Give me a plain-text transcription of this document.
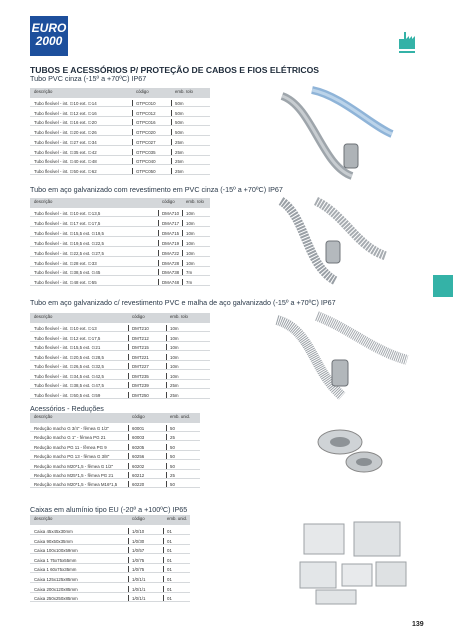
EURO
2000
TUBOS E ACESSÓRIOS P/ PROTEÇÃO DE CABOS E FIOS ELÉTRICOS
Tubo PVC cinza (-15º a +70ºC) IP67
descrição	código	emb. rolo
Tubo flexível - int. ∅10 ext. ∅14	GTPC010	50m
Tubo flexível - int. ∅12 ext. ∅16	GTPC012	50m
Tubo flexível - int. ∅16 ext. ∅20	GTPC016	50m
Tubo flexível - int. ∅20 ext. ∅26	GTPC020	50m
Tubo flexível - int. ∅27 ext. ∅34	GTPC027	25m
Tubo flexível - int. ∅35 ext. ∅42	GTPC035	25m
Tubo flexível - int. ∅40 ext. ∅48	GTPC040	25m
Tubo flexível - int. ∅50 ext. ∅62	GTPC050	25m
Tubo em aço galvanizado com revestimento em PVC cinza (-15º a +70ºC) IP67
descrição	código	emb. rolo
Tubo flexível - int. ∅10 ext. ∅13,5	DMA710 10m
Tubo flexível - int. ∅17 ext. ∅17,5	DMA717 10m
Tubo flexível - int. ∅15,5 ext. ∅19,5	DMA715 10m
Tubo flexível - int. ∅19,5 ext. ∅22,5	DMA719 10m
Tubo flexível - int. ∅22,5 ext. ∅27,5	DMA722 10m
Tubo flexível - int. ∅28 ext. ∅33	DMA728 10m
Tubo flexível - int. ∅38,5 ext. ∅45	DMA738 7m
Tubo flexível - int. ∅48 ext. ∅55	DMA748 7m
Tubo em aço galvanizado c/ revestimento PVC e malha de aço galvanizado (-15º a +70ºC) IP67
descrição	código	emb. rolo
Tubo flexível - int. ∅10 ext. ∅13	DMT210	10m
Tubo flexível - int. ∅12 ext. ∅17,5	DMT212	10m
Tubo flexível - int. ∅15,5 ext. ∅21	DMT215	10m
Tubo flexível - int. ∅20,5 ext. ∅28,5	DMT221	10m
Tubo flexível - int. ∅26,5 ext. ∅32,5	DMT227	10m
Tubo flexível - int. ∅34,5 ext. ∅42,5	DMT235	10m
Tubo flexível - int. ∅38,5 ext. ∅47,5	DMT239	25m
Tubo flexível - int. ∅50,5 ext. ∅59	DMT250	25m
Acessórios - Reduções
descrição	código	emb. unid.
Redução macho G 3/4" - fêmea G 1/2"	60001	50
Redução macho G 1" - fêmea PG 21	60003	25
Redução macho PG 11 - fêmea PG 9	60205	50
Redução macho PG 13 - fêmea G 3/8"	60256	50
Redução macho M20*1,5 - fêmea G 1/2"	60202	50
Redução macho M25*1,5 - fêmea PG 21	60212	25
Redução macho M20*1,5 - fêmea M16*1,5	60220	50
Caixas em alumínio tipo EU (-20º a +100ºC) IP65
descrição	código	emb. unid.
Caixa 45x45x30mm	1/0/10	01
Caixa 90x50x35mm	1/0/30	01
Caixa 100x100x59mm	1/0/57	01
Caixa 1 75x75x55mm	1/0/75	01
Caixa 1 60x75x35mm	1/0/75	01
Caixa 125x125x85mm	1/0/1/1	01
Caixa 200x120x85mm	1/0/1/1	01
Caixa 250x250x85mm	1/0/1/1	01
139
